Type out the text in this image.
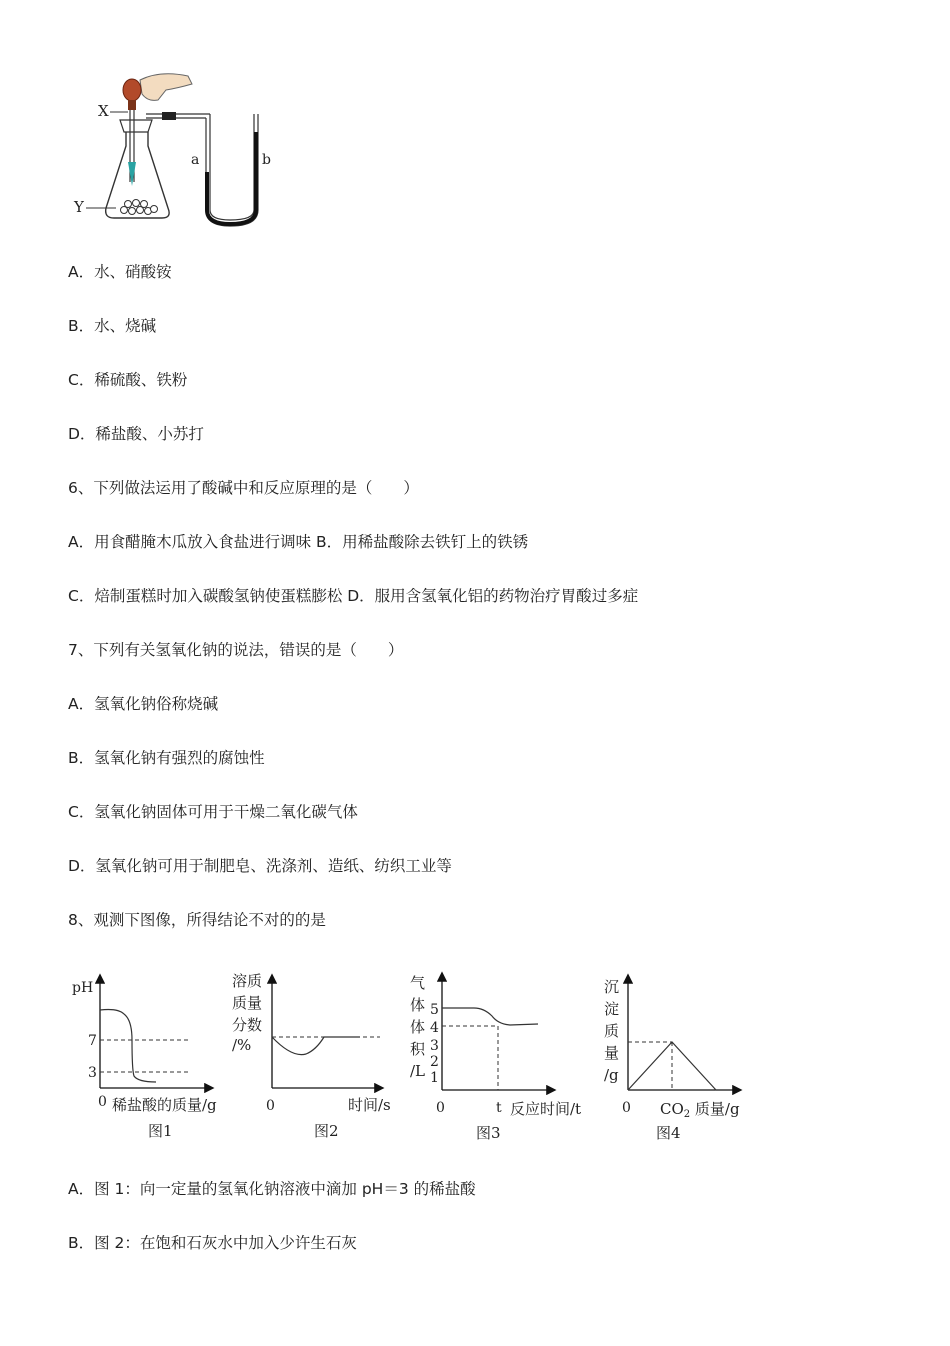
X
Y
a	b
A．水、硝酸铵
B．水、烧碱
C．稀硫酸、铁粉
D．稀盐酸、小苏打
6、下列做法运用了酸碱中和反应原理的是（　　）
A．用食醋腌木瓜放入食盐进行调味 B．用稀盐酸除去铁钉上的铁锈
C．焙制蛋糕时加入碳酸氢钠使蛋糕膨松 D．服用含氢氧化铝的药物治疗胃酸过多症
7、下列有关氢氧化钠的说法，错误的是（　　）
A．氢氧化钠俗称烧碱
B．氢氧化钠有强烈的腐蚀性
C．氢氧化钠固体可用于干燥二氧化碳气体
D．氢氧化钠可用于制肥皂、洗涤剂、造纸、纺织工业等
8、观测下图像，所得结论不对的的是
pH
7
3
0 稀盐酸的质量/g
图1
溶质
质量
分数
/%
0	时间/s
图2
气
体
体
积
/L
5
4
3
2
1
0	t 反应时间/t
图3
沉
淀
质
量
/g
0 $CO_2$ 质量/g
图4
A．图 1：向一定量的氢氧化钠溶液中滴加 pH＝3 的稀盐酸
B．图 2：在饱和石灰水中加入少许生石灰
